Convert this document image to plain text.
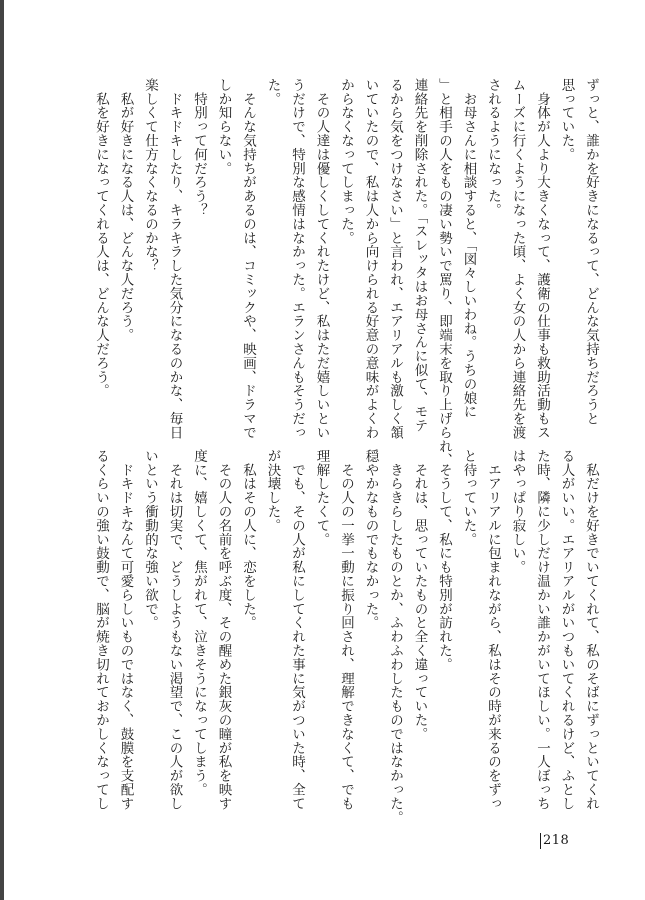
ずっと、誰かを好きになるって、どんな気持ちだろうと

思っていた。

　身体が人より大きくなって、護衛の仕事も救助活動もス

ムーズに行くようになった頃、よく女の人から連絡先を渡

されるようになった。

　お母さんに相談すると、「図々しいわね。うちの娘に

」と相手の人をもの凄い勢いで罵り、即端末を取り上げられ、

連絡先を削除された。「スレッタはお母さんに似て、モテ

るから気をつけなさい」と言われ、エアリアルも激しく頷

いていたので、私は人から向けられる好意の意味がよくわ

からなくなってしまった。

　その人達は優しくしてくれたけど、私はただ嬉しいとい

うだけで、特別な感情はなかった。エランさんもそうだっ

た。

　そんな気持ちがあるのは、コミックや、映画、ドラマで

しか知らない。

　特別って何だろう？

　ドキドキしたり、キラキラした気分になるのかな、毎日

楽しくて仕方なくなるのかな？

　私が好きになる人は、どんな人だろう。

　私を好きになってくれる人は、どんな人だろう。

　私だけを好きでいてくれて、私のそばにずっといてくれ

る人がいい。エアリアルがいつもいてくれるけど、ふとし

た時、隣に少しだけ温かい誰かがいてほしい。一人ぼっち

はやっぱり寂しい。

　エアリアルに包まれながら、私はその時が来るのをずっ

と待っていた。

　そうして、私にも特別が訪れた。

　それは、思っていたものと全く違っていた。

　きらきらしたものとか、ふわふわしたものではなかった。

穏やかなものでもなかった。

　その人の一挙一動に振り回され、理解できなくて、でも

理解したくて。

　でも、その人が私にしてくれた事に気がついた時、全て

が決壊した。

　私はその人に、恋をした。

　その人の名前を呼ぶ度、その醒めた銀灰の瞳が私を映す

度に、嬉しくて、焦がれて、泣きそうになってしまう。

　それは切実で、どうしようもない渇望で、この人が欲し

いという衝動的な強い欲で。

　ドキドキなんて可愛らしいものではなく、鼓膜を支配す

るくらいの強い鼓動で、脳が焼き切れておかしくなってし

218
